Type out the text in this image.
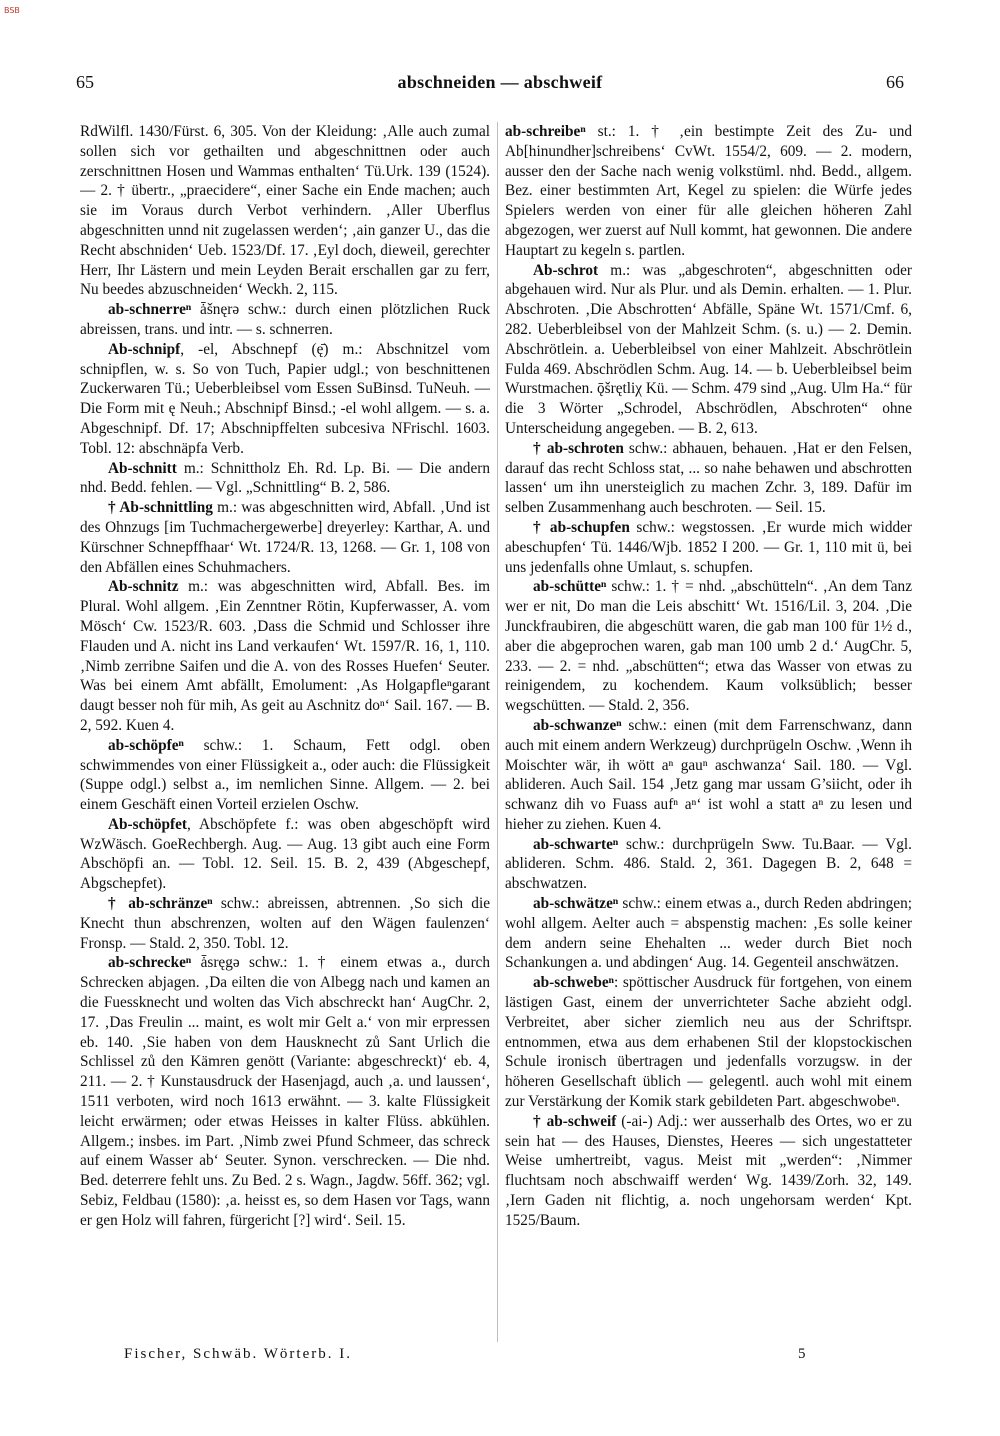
BSB
65	abschneiden — abschweif	66

RdWilfl. 1430/Fürst. 6, 305. Von der Kleidung: ‚Alle auch zumal sollen sich vor gethailten und abgeschnittnen oder auch zerschnittnen Hosen und Wammas enthalten‘ Tü.Urk. 139 (1524). — 2. † übertr., „praecidere“, einer Sache ein Ende machen; auch sie im Voraus durch Verbot verhindern. ‚Aller Uberflus abgeschnitten unnd nit zugelassen werden‘; ‚ain ganzer U., das die Recht abschniden‘ Ueb. 1523/Df. 17. ‚Eyl doch, dieweil, gerechter Herr, Ihr Lästern und mein Leyden Berait erschallen gar zu ferr, Nu beedes abzuschneiden‘ Weckh. 2, 115.

ab-schnerreⁿ ǡšnęrə schw.: durch einen plötzlichen Ruck abreissen, trans. und intr. — s. schnerren.

Ab-schnipf, -el, Abschnepf (ę̄) m.: Abschnitzel vom schnipflen, w. s. So von Tuch, Papier udgl.; von beschnittenen Zuckerwaren Tü.; Ueberbleibsel vom Essen SuBinsd. TuNeuh. — Die Form mit ę Neuh.; Abschnipf Binsd.; -el wohl allgem. — s. a. Abgeschnipf. Df. 17; Abschnipffelten subcesiva NFrischl. 1603. Tobl. 12: abschnäpfa Verb.

Ab-schnitt m.: Schnittholz Eh. Rd. Lp. Bi. — Die andern nhd. Bedd. fehlen. — Vgl. „Schnittling“ B. 2, 586.

† Ab-schnittling m.: was abgeschnitten wird, Abfall. ‚Und ist des Ohnzugs [im Tuchmachergewerbe] dreyerley: Karthar, A. und Kürschner Schnepffhaar‘ Wt. 1724/R. 13, 1268. — Gr. 1, 108 von den Abfällen eines Schuhmachers.

Ab-schnitz m.: was abgeschnitten wird, Abfall. Bes. im Plural. Wohl allgem. ‚Ein Zenntner Rötin, Kupferwasser, A. vom Mösch‘ Cw. 1523/R. 603. ‚Dass die Schmid und Schlosser ihre Flauden und A. nicht ins Land verkaufen‘ Wt. 1597/R. 16, 1, 110. ‚Nimb zerribne Saifen und die A. von des Rosses Huefen‘ Seuter. Was bei einem Amt abfällt, Emolument: ‚As Holgapfleⁿgarant daugt besser noh für mih, As geit au Aschnitz doⁿ‘ Sail. 167. — B. 2, 592. Kuen 4.

ab-schöpfeⁿ schw.: 1. Schaum, Fett odgl. oben schwimmendes von einer Flüssigkeit a., oder auch: die Flüssigkeit (Suppe odgl.) selbst a., im nemlichen Sinne. Allgem. — 2. bei einem Geschäft einen Vorteil erzielen Oschw.

Ab-schöpfet, Abschöpfete f.: was oben abgeschöpft wird WzWäsch. GoeRechbergh. Aug. — Aug. 13 gibt auch eine Form Abschöpfi an. — Tobl. 12. Seil. 15. B. 2, 439 (Abgeschepf, Abgschepfet).

† ab-schränzeⁿ schw.: abreissen, abtrennen. ‚So sich die Knecht thun abschrenzen, wolten auf den Wägen faulenzen‘ Fronsp. — Stald. 2, 350. Tobl. 12.

ab-schreckeⁿ ǡsręgə schw.: 1. † einem etwas a., durch Schrecken abjagen. ‚Da eilten die von Albegg nach und kamen an die Fuessknecht und wolten das Vich abschreckt han‘ AugChr. 2, 17. ‚Das Freulin ... maint, es wolt mir Gelt a.‘ von mir erpressen eb. 140. ‚Sie haben von dem Hausknecht zů Sant Urlich die Schlissel zů den Kämren genött (Variante: abgeschreckt)‘ eb. 4, 211. — 2. † Kunstausdruck der Hasenjagd, auch ‚a. und laussen‘, 1511 verboten, wird noch 1613 erwähnt. — 3. kalte Flüssigkeit leicht erwärmen; oder etwas Heisses in kalter Flüss. abkühlen. Allgem.; insbes. im Part. ‚Nimb zwei Pfund Schmeer, das schreck auf einem Wasser ab‘ Seuter. Synon. verschrecken. — Die nhd. Bed. deterrere fehlt uns. Zu Bed. 2 s. Wagn., Jagdw. 56ff. 362; vgl. Sebiz, Feldbau (1580): ‚a. heisst es, so dem Hasen vor Tags, wann er gen Holz will fahren, fürgericht [?] wird‘. Seil. 15.

ab-schreibeⁿ st.: 1. † ‚ein bestimpte Zeit des Zu- und Ab[hinundher]schreibens‘ CvWt. 1554/2, 609. — 2. modern, ausser den der Sache nach wenig volkstüml. nhd. Bedd., allgem. Bez. einer bestimmten Art, Kegel zu spielen: die Würfe jedes Spielers werden von einer für alle gleichen höheren Zahl abgezogen, wer zuerst auf Null kommt, hat gewonnen. Die andere Hauptart zu kegeln s. partlen.

Ab-schrot m.: was „abgeschroten“, abgeschnitten oder abgehauen wird. Nur als Plur. und als Demin. erhalten. — 1. Plur. Abschroten. ‚Die Abschrotten‘ Abfälle, Späne Wt. 1571/Cmf. 6, 282. Ueberbleibsel von der Mahlzeit Schm. (s. u.) — 2. Demin. Abschrötlein. a. Ueberbleibsel von einer Mahlzeit. Abschrötlein Fulda 469. Abschrödlen Schm. Aug. 14. — b. Ueberbleibsel beim Wurstmachen. ǭšrętliχ Kü. — Schm. 479 sind „Aug. Ulm Ha.“ für die 3 Wörter „Schrodel, Abschrödlen, Abschroten“ ohne Unterscheidung angegeben. — B. 2, 613.

† ab-schroten schw.: abhauen, behauen. ‚Hat er den Felsen, darauf das recht Schloss stat, ... so nahe behawen und abschrotten lassen‘ um ihn unersteiglich zu machen Zchr. 3, 189. Dafür im selben Zusammenhang auch beschroten. — Seil. 15.

† ab-schupfen schw.: wegstossen. ‚Er wurde mich widder abeschupfen‘ Tü. 1446/Wjb. 1852 I 200. — Gr. 1, 110 mit ü, bei uns jedenfalls ohne Umlaut, s. schupfen.

ab-schütteⁿ schw.: 1. † = nhd. „abschütteln“. ‚An dem Tanz wer er nit, Do man die Leis abschitt‘ Wt. 1516/Lil. 3, 204. ‚Die Junckfraubiren, die abgeschütt waren, die gab man 100 für 1½ d., aber die abgeprochen waren, gab man 100 umb 2 d.‘ AugChr. 5, 233. — 2. = nhd. „abschütten“; etwa das Wasser von etwas zu reinigendem, zu kochendem. Kaum volksüblich; besser wegschütten. — Stald. 2, 356.

ab-schwanzeⁿ schw.: einen (mit dem Farrenschwanz, dann auch mit einem andern Werkzeug) durchprügeln Oschw. ‚Wenn ih Moischter wär, ih wött aⁿ gauⁿ aschwanza‘ Sail. 180. — Vgl. ablideren. Auch Sail. 154 ‚Jetz gang mar ussam G’siicht, oder ih schwanz dih vo Fuass aufⁿ aⁿ‘ ist wohl a statt aⁿ zu lesen und hieher zu ziehen. Kuen 4.

ab-schwarteⁿ schw.: durchprügeln Sww. Tu.Baar. — Vgl. ablideren. Schm. 486. Stald. 2, 361. Dagegen B. 2, 648 = abschwatzen.

ab-schwätzeⁿ schw.: einem etwas a., durch Reden abdringen; wohl allgem. Aelter auch = abspenstig machen: ‚Es solle keiner dem andern seine Ehehalten ... weder durch Biet noch Schankungen a. und abdingen‘ Aug. 14. Gegenteil anschwätzen.

ab-schwebeⁿ: spöttischer Ausdruck für fortgehen, von einem lästigen Gast, einem der unverrichteter Sache abzieht odgl. Verbreitet, aber sicher ziemlich neu aus der Schriftspr. entnommen, etwa aus dem erhabenen Stil der klopstockischen Schule ironisch übertragen und jedenfalls vorzugsw. in der höheren Gesellschaft üblich — gelegentl. auch wohl mit einem zur Verstärkung der Komik stark gebildeten Part. abgeschwobeⁿ.

† ab-schweif (-ai-) Adj.: wer ausserhalb des Ortes, wo er zu sein hat — des Hauses, Dienstes, Heeres — sich ungestatteter Weise umhertreibt, vagus. Meist mit „werden“: ‚Nimmer fluchtsam noch abschwaiff werden‘ Wg. 1439/Zorh. 32, 149. ‚Iern Gaden nit flichtig, a. noch ungehorsam werden‘ Kpt. 1525/Baum.

Fischer, Schwäb. Wörterb. I.	5
